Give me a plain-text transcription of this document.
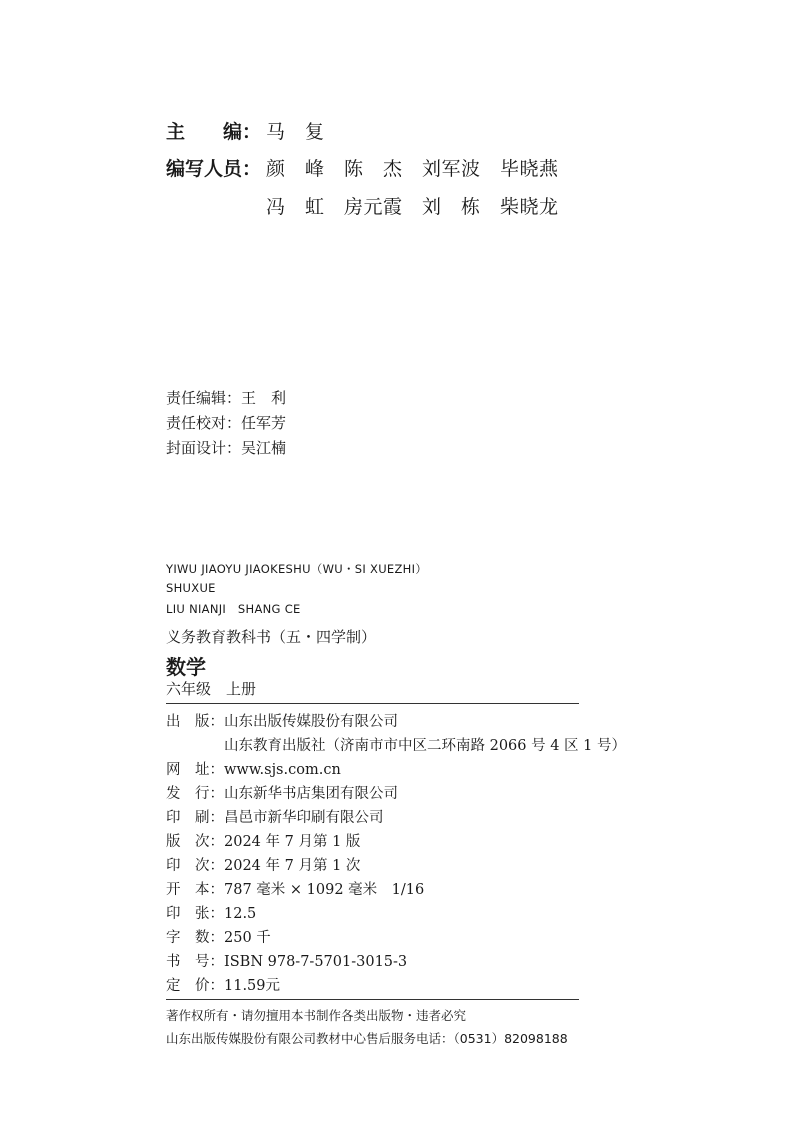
主　　编： 马　复
编写人员： 颜　峰　陈　杰　刘军波　毕晓燕
冯　虹　房元霞　刘　栋　柴晓龙
责任编辑：王　利
责任校对：任军芳
封面设计：吴江楠
YIWU JIAOYU JIAOKESHU（WU・SI XUEZHI）
SHUXUE
LIU NIANJI　SHANG CE
义务教育教科书（五・四学制）
数学
六年级　上册
出　版：山东出版传媒股份有限公司
山东教育出版社（济南市市中区二环南路 2066 号 4 区 1 号）
网　址：www.sjs.com.cn
发　行：山东新华书店集团有限公司
印　刷：昌邑市新华印刷有限公司
版　次：2024 年 7 月第 1 版
印　次：2024 年 7 月第 1 次
开　本：787 毫米 × 1092 毫米　1/16
印　张：12.5
字　数：250 千
书　号：ISBN 978-7-5701-3015-3
定　价：11.59元
著作权所有・请勿擅用本书制作各类出版物・违者必究
山东出版传媒股份有限公司教材中心售后服务电话：（0531）82098188
